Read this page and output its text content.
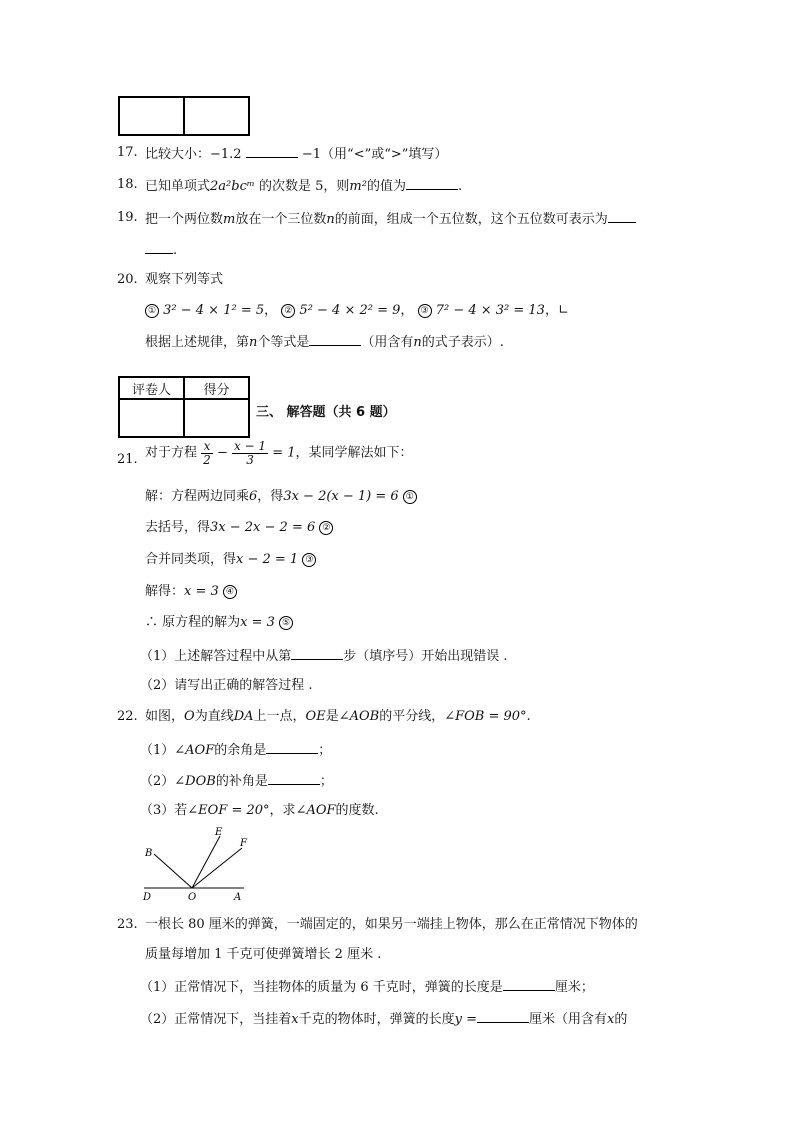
17. 比较大小：−1.2	−1（用“<”或“>”填写）
18. 已知单项式2a²bcᵐ 的次数是 5，则m²的值为	.
19. 把一个两位数m放在一个三位数n的前面，组成一个五位数，这个五位数可表示为
.
20. 观察下列等式
① 3² − 4 × 1² = 5， ② 5² − 4 × 2² = 9， ③ 7² − 4 × 3² = 13，∟
根据上述规律，第n个等式是	（用含有n的式子表示）.
评卷人	得分

三、 解答题（共 6 题）
21. 对于方程 $\frac{x}{2} - \frac{x - 1}{3} = 1$，某同学解法如下：
解：方程两边同乘6，得3x − 2(x − 1) = 6 ①
去括号，得3x − 2x − 2 = 6 ②
合并同类项，得x − 2 = 1 ③
解得：x = 3 ④
∴ 原方程的解为x = 3 ⑤
（1）上述解答过程中从第	步（填序号）开始出现错误 .
（2）请写出正确的解答过程 .
22. 如图，O为直线DA上一点，OE是∠AOB的平分线，∠FOB = 90°.
（1）∠AOF的余角是	；
（2）∠DOB的补角是	；
（3）若∠EOF = 20°，求∠AOF的度数.
B
E
F
D	O	A
23. 一根长 80 厘米的弹簧，一端固定的，如果另一端挂上物体，那么在正常情况下物体的
质量每增加 1 千克可使弹簧增长 2 厘米 .
（1）正常情况下，当挂物体的质量为 6 千克时，弹簧的长度是	厘米；
（2）正常情况下，当挂着x千克的物体时，弹簧的长度y =	厘米（用含有x的
